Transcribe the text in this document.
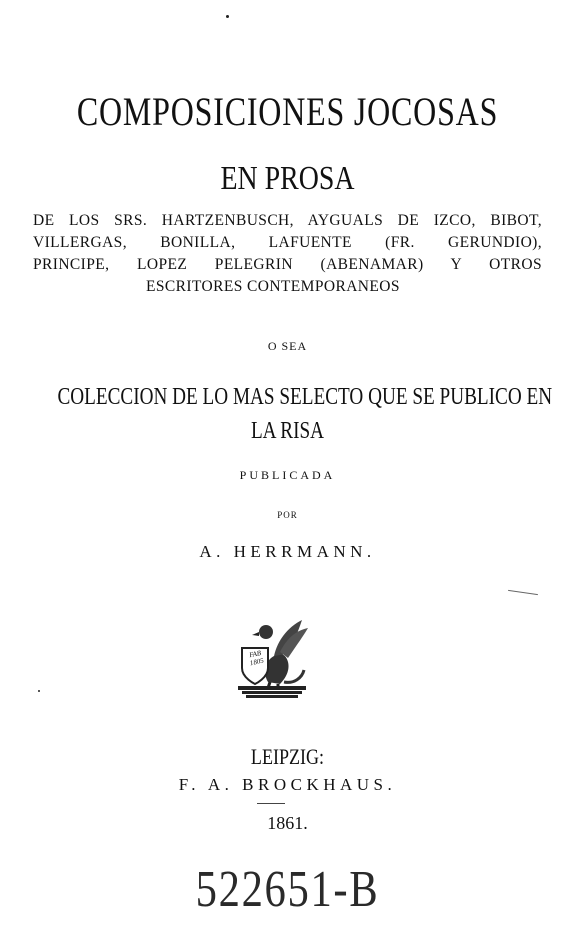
COMPOSICIONES JOCOSAS
EN PROSA
DE LOS SRS. HARTZENBUSCH, AYGUALS DE IZCO, BIBOT,
VILLERGAS, BONILLA, LAFUENTE (FR. GERUNDIO),
PRINCIPE, LOPEZ PELEGRIN (ABENAMAR) Y OTROS
ESCRITORES CONTEMPORANEOS
O SEA
COLECCION DE LO MAS SELECTO QUE SE PUBLICO EN
LA RISA
PUBLICADA
POR
A. HERRMANN.
FAB 1805
LEIPZIG:
F. A. BROCKHAUS.
1861.
522651-B
